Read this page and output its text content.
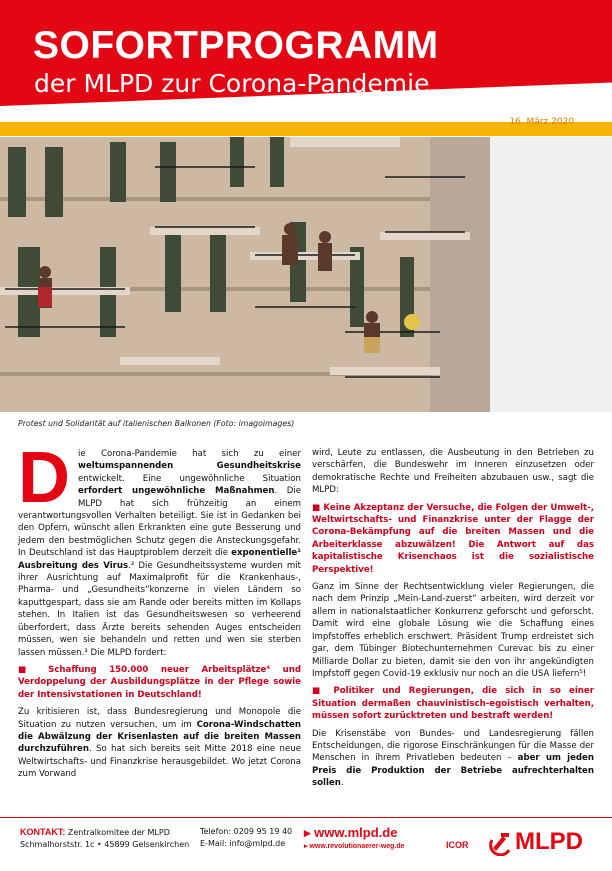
SOFORTPROGRAMM
der MLPD zur Corona-Pandemie
16. März 2020
Protest und Solidarität auf italienischen Balkonen (Foto: imagoimages)

D ie Corona-Pandemie hat sich zu einer weltumspannenden Gesundheitskrise entwickelt. Eine ungewöhnliche Situation erfordert ungewöhnliche Maßnahmen. Die MLPD hat sich frühzeitig an einem verantwortungsvollen Verhalten beteiligt. Sie ist in Gedanken bei den Opfern, wünscht allen Erkrankten eine gute Besserung und jedem den bestmöglichen Schutz gegen die Ansteckungsgefahr. In Deutschland ist das Hauptproblem derzeit die exponentielle¹ Ausbreitung des Virus.² Die Gesundheitssysteme wurden mit ihrer Ausrichtung auf Maximalprofit für die Krankenhaus-, Pharma- und „Gesundheits“konzerne in vielen Ländern so kaputtgespart, dass sie am Rande oder bereits mitten im Kollaps stehen. In Italien ist das Gesundheitswesen so verheerend überfordert, dass Ärzte bereits sehenden Auges entscheiden müssen, wen sie behandeln und retten und wen sie sterben lassen müssen.³ Die MLPD fordert:

■ Schaffung 150.000 neuer Arbeitsplätze⁴ und Verdoppelung der Ausbildungsplätze in der Pflege sowie der Intensivstationen in Deutschland!

Zu kritisieren ist, dass Bundesregierung und Monopole die Situation zu nutzen versuchen, um im Corona-Windschatten die Abwälzung der Krisenlasten auf die breiten Massen durchzuführen. So hat sich bereits seit Mitte 2018 eine neue Weltwirtschafts- und Finanzkrise herausgebildet. Wo jetzt Corona zum Vorwand

wird, Leute zu entlassen, die Ausbeutung in den Betrieben zu verschärfen, die Bundeswehr im Inneren einzusetzen oder demokratische Rechte und Freiheiten abzubauen usw., sagt die MLPD:

■ Keine Akzeptanz der Versuche, die Folgen der Umwelt-, Weltwirtschafts- und Finanzkrise unter der Flagge der Corona-Bekämpfung auf die breiten Massen und die Arbeiterklasse abzuwälzen! Die Antwort auf das kapitalistische Krisenchaos ist die sozialistische Perspektive!

Ganz im Sinne der Rechtsentwicklung vieler Regierungen, die nach dem Prinzip „Mein-Land-zuerst“ arbeiten, wird derzeit vor allem in nationalstaatlicher Konkurrenz geforscht und geforscht. Damit wird eine globale Lösung wie die Schaffung eines Impfstoffes erheblich erschwert. Präsident Trump erdreistet sich gar, dem Tübinger Biotechunternehmen Curevac bis zu einer Milliarde Dollar zu bieten, damit sie den von ihr angekündigten Impfstoff gegen Covid-19 exklusiv nur noch an die USA liefern⁵!

■ Politiker und Regierungen, die sich in so einer Situation dermaßen chauvinistisch-egoistisch verhalten, müssen sofort zurücktreten und bestraft werden!

Die Krisenstäbe von Bundes- und Landesregierung fällen Entscheidungen, die rigorose Einschränkungen für die Masse der Menschen in ihrem Privatleben bedeuten – aber um jeden Preis die Produktion der Betriebe aufrechterhalten sollen.

KONTAKT: Zentralkomitee der MLPD
Schmalhorststr. 1c • 45899 Gelsenkirchen
Telefon: 0209 95 19 40
E-Mail: info@mlpd.de
▸ www.mlpd.de
▸ www.revolutionaerer-weg.de	ICOR MLPD
